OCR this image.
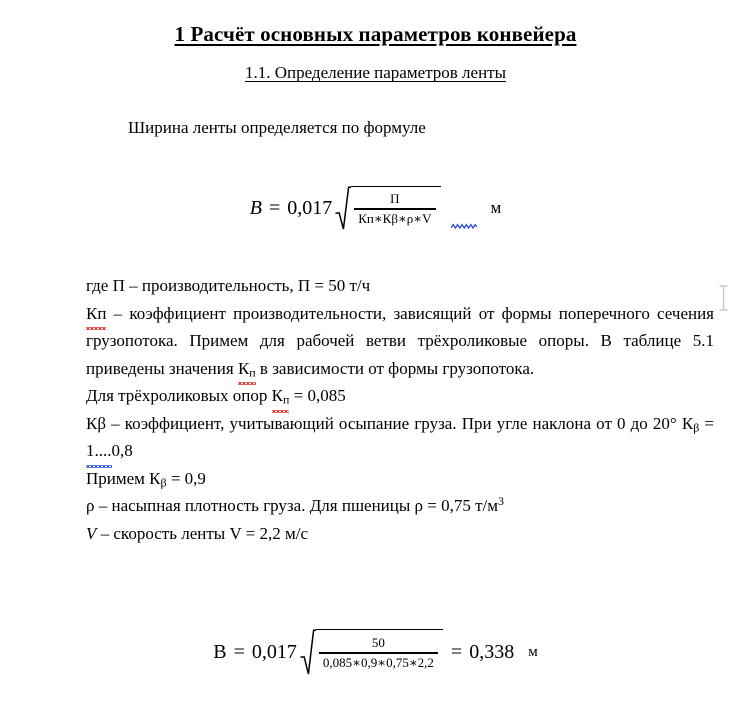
1 Расчёт основных параметров конвейера
1.1. Определение параметров ленты

Ширина ленты определяется по формуле

$B = 0,017 \frac{П}{Кп∗К\beta∗\rho∗V}$	м

где П – производительность, П = 50 т/ч

Кп – коэффициент производительности, зависящий от формы поперечного сечения грузопотока. Примем для рабочей ветви трёхроликовые опоры. В таблице 5.1 приведены значения $К_п$ в зависимости от формы грузопотока.

Для трёхроликовых опор $К_п = 0,085$

Кβ – коэффициент, учитывающий осыпание груза. При угле наклона от 0 до 20° $К_\beta = 1....0,8$

Примем $К_\beta = 0,9$

ρ – насыпная плотность груза. Для пшеницы ρ = 0,75 $т/м^3$

V – скорость ленты V = 2,2 м/с

$В = 0,017 \frac{50}{0,085∗0,9∗0,75∗2,2} = 0,338$ м
